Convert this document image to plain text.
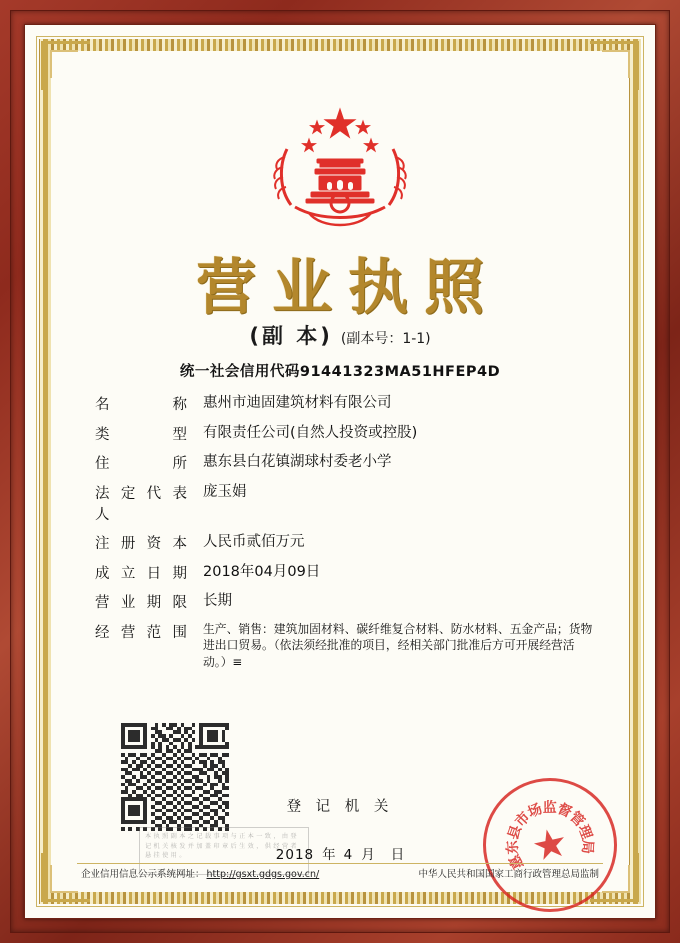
营业执照
(副 本) (副本号：1-1)
统一社会信用代码91441323MA51HFEP4D
名称 惠州市迪固建筑材料有限公司
类型 有限责任公司(自然人投资或控股)
住所 惠东县白花镇湖球村委老小学
法定代表人
庞玉娟
注册资本 人民币贰佰万元
成立日期 2018年04月09日
营业期限 长期
经营范围 生产、销售：建筑加固材料、碳纤维复合材料、防水材料、五金产品；货物进出口贸易。（依法须经批准的项目，经相关部门批准后方可开展经营活动。）≡
本 执 照 副 本 之 记 载 事 项 与 正 本 一 致 ， 由 登 记 机 关 核 发 并 加 盖 印 章 后 生 效 ， 供 经 营 者 悬 挂 使 用 。
登 记 机 关
2018 年 4 月 日	惠
东
县
市
场
监
督
管
理
局
★
企业信用信息公示系统网址： http://gsxt.gdgs.gov.cn/	中华人民共和国国家工商行政管理总局监制
